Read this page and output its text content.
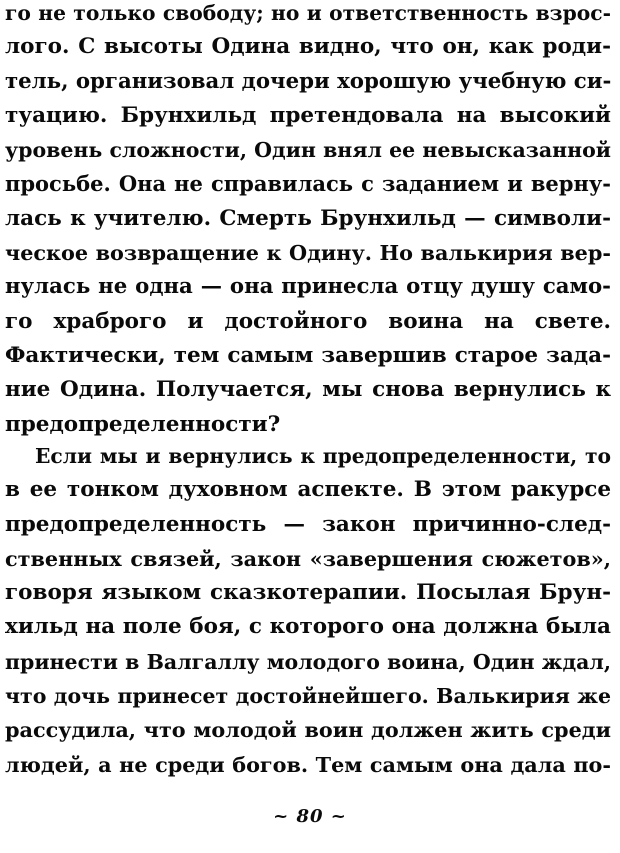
го не только свободу; но и ответственность взрос-
лого. С высоты Одина видно, что он, как роди-
тель, организовал дочери хорошую учебную си-
туацию. Брунхильд претендовала на высокий
уровень сложности, Один внял ее невысказанной
просьбе. Она не справилась с заданием и верну-
лась к учителю. Смерть Брунхильд — символи-
ческое возвращение к Одину. Но валькирия вер-
нулась не одна — она принесла отцу душу само-
го храброго и достойного воина на свете.
Фактически, тем самым завершив старое зада-
ние Одина. Получается, мы снова вернулись к
предопределенности?
Если мы и вернулись к предопределенности, то
в ее тонком духовном аспекте. В этом ракурсе
предопределенность — закон причинно-след-
ственных связей, закон «завершения сюжетов»,
говоря языком сказкотерапии. Посылая Брун-
хильд на поле боя, с которого она должна была
принести в Валгаллу молодого воина, Один ждал,
что дочь принесет достойнейшего. Валькирия же
рассудила, что молодой воин должен жить среди
людей, а не среди богов. Тем самым она дала по-
~ 80 ~
